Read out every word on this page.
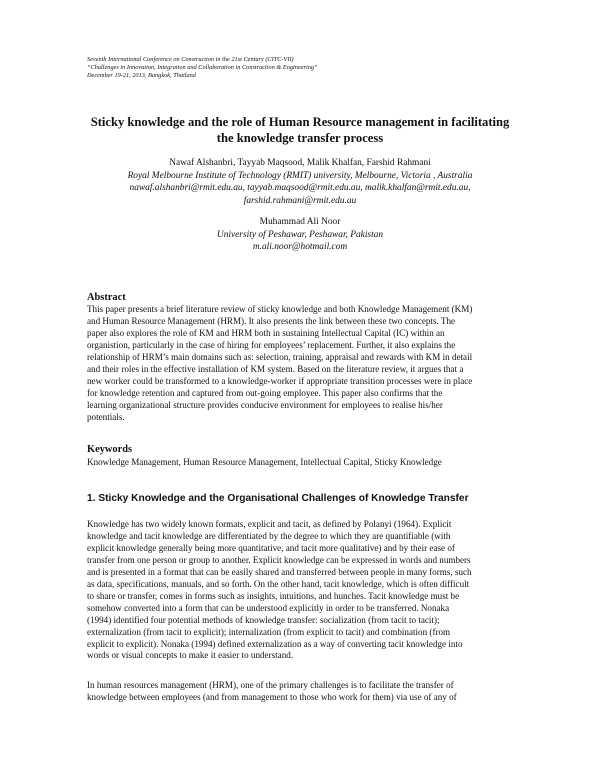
Seventh International Conference on Construction in the 21st Century (CITC-VII)
“Challenges in Innovation, Integration and Collaboration in Construction & Engineering”
December 19-21, 2013, Bangkok, Thailand
Sticky knowledge and the role of Human Resource management in facilitating
the knowledge transfer process
Nawaf Alshanbri, Tayyab Maqsood, Malik Khalfan, Farshid Rahmani
Royal Melbourne Institute of Technology (RMIT) university, Melbourne, Victoria , Australia
nawaf.alshanbri@rmit.edu.au, tayyab.maqsood@rmit.edu.au, malik.khalfan@rmit.edu.au,
farshid.rahmani@rmit.edu.au
Muhammad Ali Noor
University of Peshawar, Peshawar, Pakistan
m.ali.noor@hotmail.com
Abstract
This paper presents a brief literature review of sticky knowledge and both Knowledge Management (KM)
and Human Resource Management (HRM). It also presents the link between these two concepts. The
paper also explores the role of KM and HRM both in sustaining Intellectual Capital (IC) within an
organistion, particularly in the case of hiring for employees’ replacement. Further, it also explains the
relationship of HRM’s main domains such as: selection, training, appraisal and rewards with KM in detail
and their roles in the effective installation of KM system. Based on the literature review, it argues that a
new worker could be transformed to a knowledge-worker if appropriate transition processes were in place
for knowledge retention and captured from out-going employee. This paper also confirms that the
learning organizational structure provides conducive environment for employees to realise his/her
potentials.
Keywords
Knowledge Management, Human Resource Management, Intellectual Capital, Sticky Knowledge
1. Sticky Knowledge and the Organisational Challenges of Knowledge Transfer
Knowledge has two widely known formats, explicit and tacit, as defined by Polanyi (1964). Explicit
knowledge and tacit knowledge are differentiated by the degree to which they are quantifiable (with
explicit knowledge generally being more quantitative, and tacit more qualitative) and by their ease of
transfer from one person or group to another. Explicit knowledge can be expressed in words and numbers
and is presented in a format that can be easily shared and transferred between people in many forms, such
as data, specifications, manuals, and so forth. On the other hand, tacit knowledge, which is often difficult
to share or transfer, comes in forms such as insights, intuitions, and hunches. Tacit knowledge must be
somehow converted into a form that can be understood explicitly in order to be transferred. Nonaka
(1994) identified four potential methods of knowledge transfer: socialization (from tacit to tacit);
externalization (from tacit to explicit); internalization (from explicit to tacit) and combination (from
explicit to explicit). Nonaka (1994) defined externalization as a way of converting tacit knowledge into
words or visual concepts to make it easier to understand.
In human resources management (HRM), one of the primary challenges is to facilitate the transfer of
knowledge between employees (and from management to those who work for them) via use of any of
